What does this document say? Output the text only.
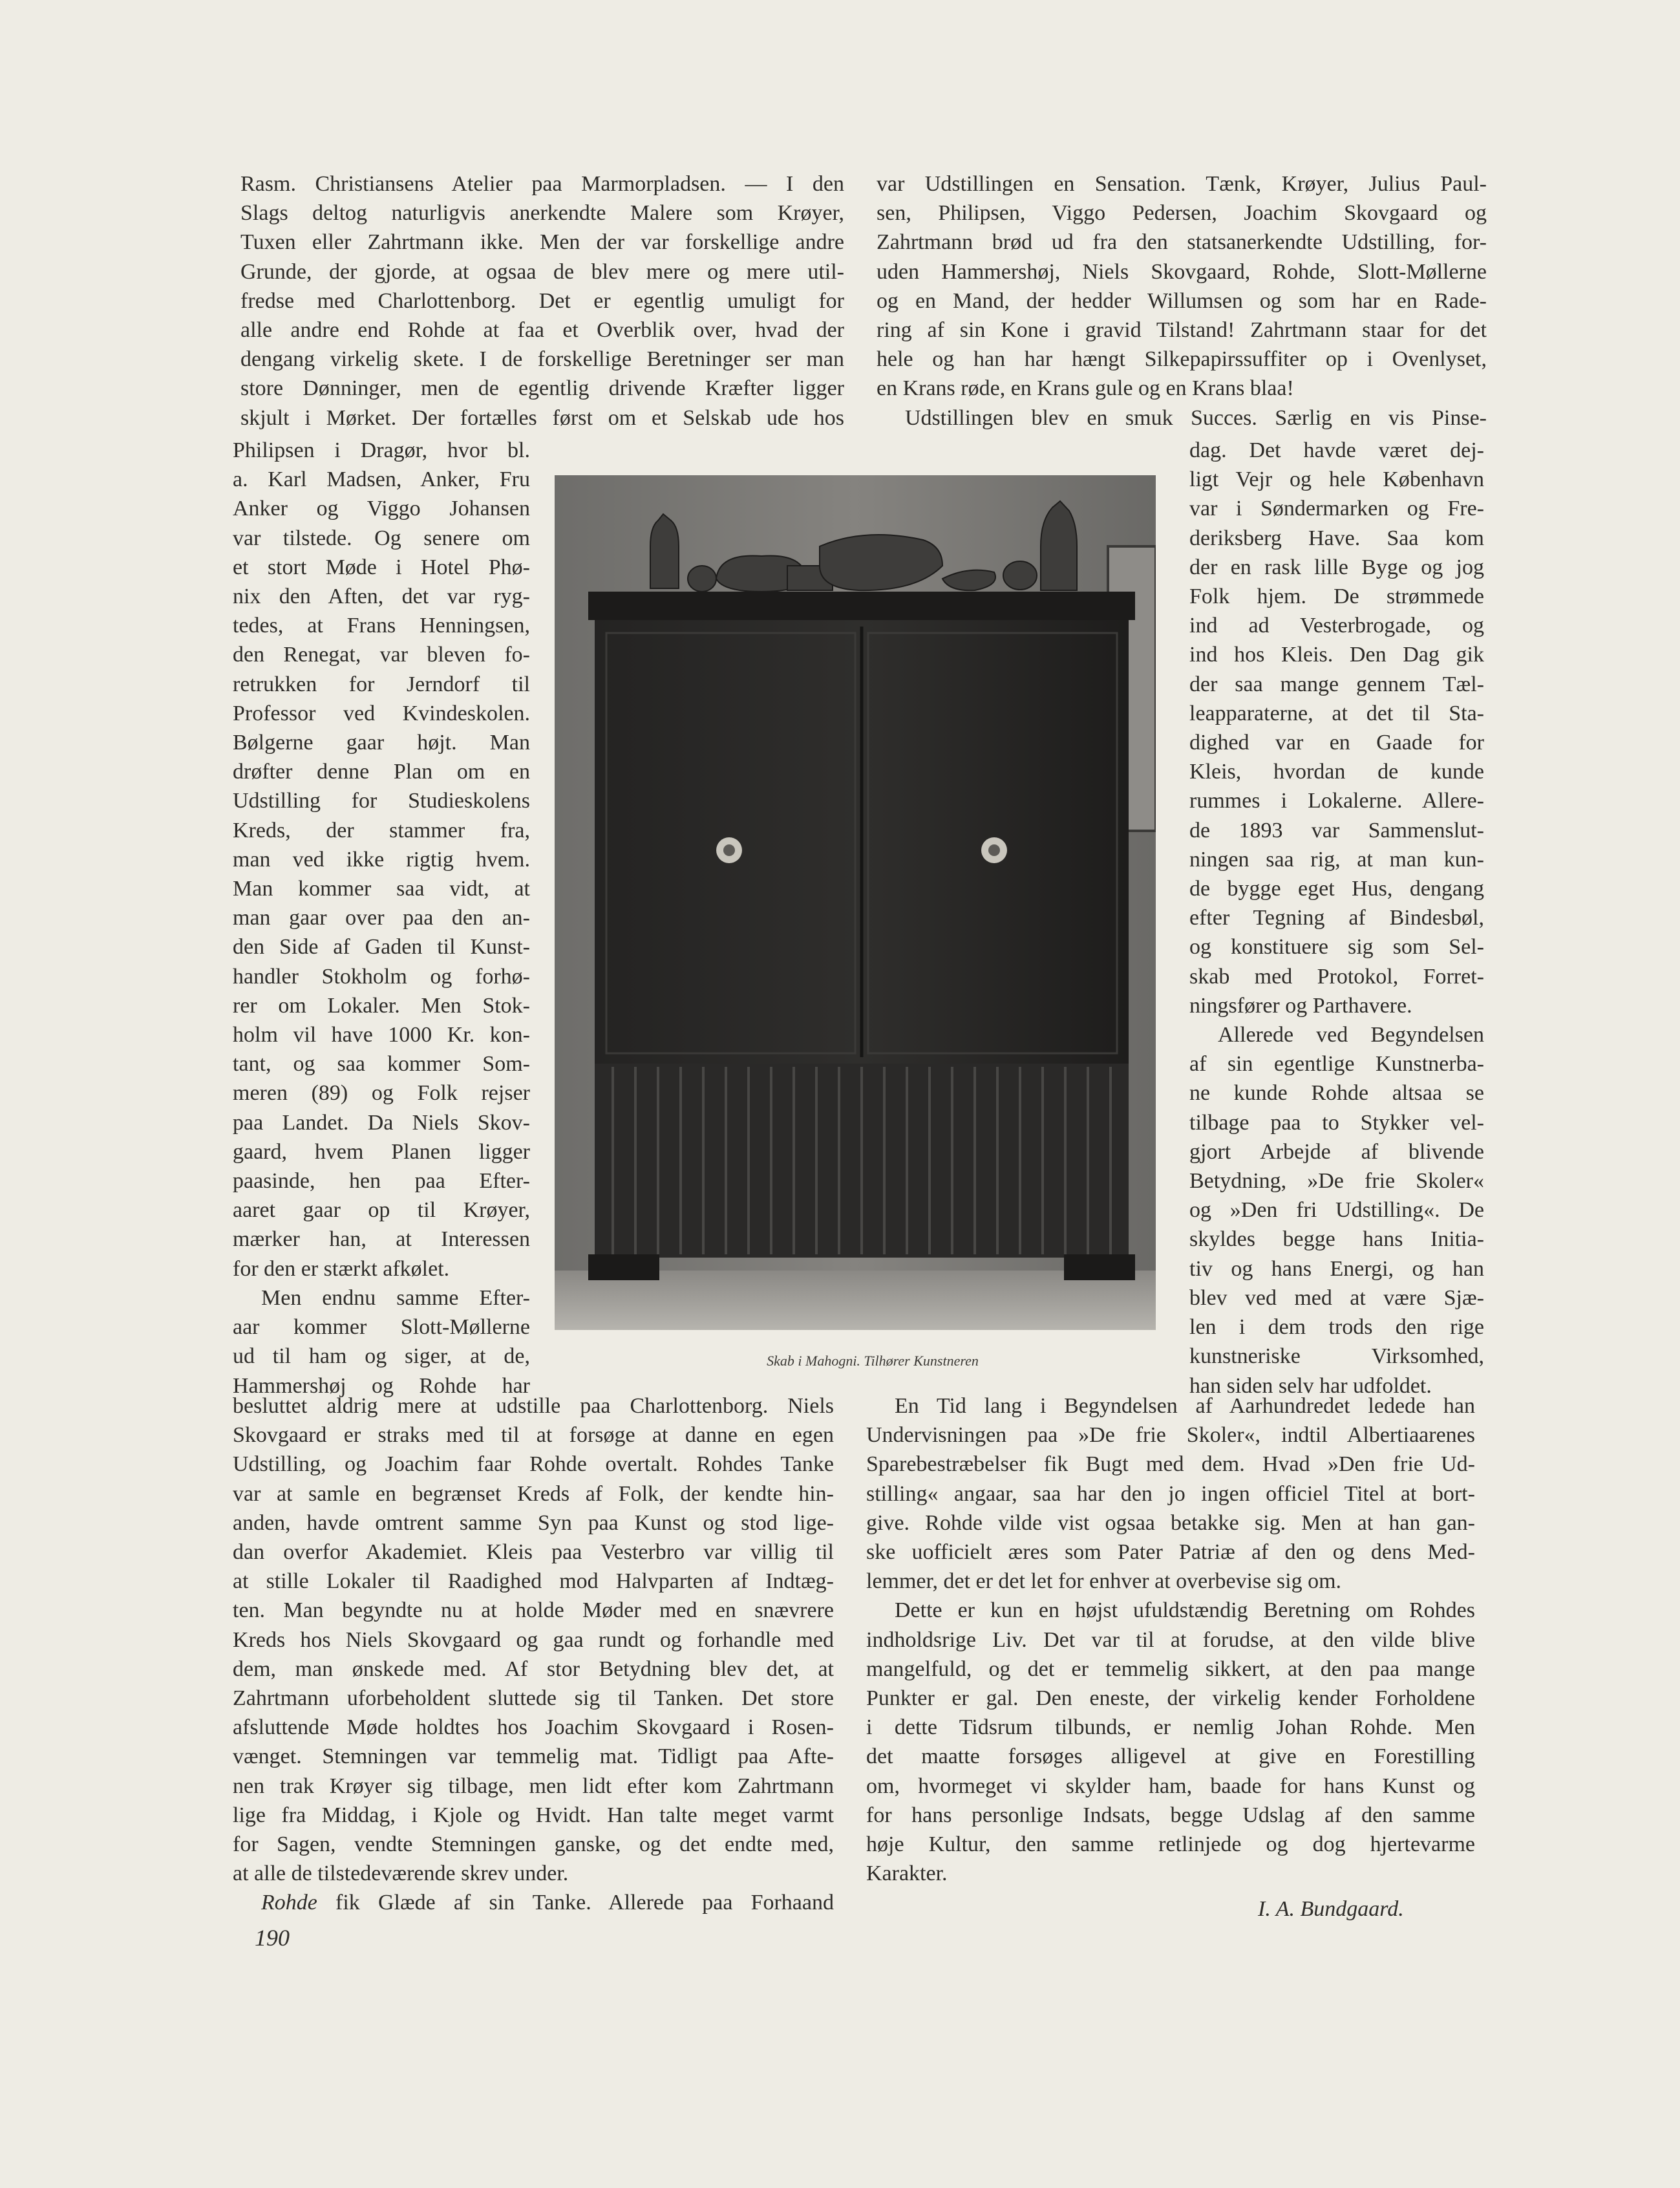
Rasm. Christiansens Atelier paa Marmorpladsen. — I den
Slags deltog naturligvis anerkendte Malere som Krøyer,
Tuxen eller Zahrtmann ikke. Men der var forskellige andre
Grunde, der gjorde, at ogsaa de blev mere og mere util-
fredse med Charlottenborg. Det er egentlig umuligt for
alle andre end Rohde at faa et Overblik over, hvad der
dengang virkelig skete. I de forskellige Beretninger ser man
store Dønninger, men de egentlig drivende Kræfter ligger
skjult i Mørket. Der fortælles først om et Selskab ude hos
Philipsen i Dragør, hvor bl.
a. Karl Madsen, Anker, Fru
Anker og Viggo Johansen
var tilstede. Og senere om
et stort Møde i Hotel Phø-
nix den Aften, det var ryg-
tedes, at Frans Henningsen,
den Renegat, var bleven fo-
retrukken for Jerndorf til
Professor ved Kvindeskolen.
Bølgerne gaar højt. Man
drøfter denne Plan om en
Udstilling for Studieskolens
Kreds, der stammer fra,
man ved ikke rigtig hvem.
Man kommer saa vidt, at
man gaar over paa den an-
den Side af Gaden til Kunst-
handler Stokholm og forhø-
rer om Lokaler. Men Stok-
holm vil have 1000 Kr. kon-
tant, og saa kommer Som-
meren (89) og Folk rejser
paa Landet. Da Niels Skov-
gaard, hvem Planen ligger
paasinde, hen paa Efter-
aaret gaar op til Krøyer,
mærker han, at Interessen
for den er stærkt afkølet.
Men endnu samme Efter-
aar kommer Slott-Møllerne
ud til ham og siger, at de,
Hammershøj og Rohde har
besluttet aldrig mere at udstille paa Charlottenborg. Niels
Skovgaard er straks med til at forsøge at danne en egen
Udstilling, og Joachim faar Rohde overtalt. Rohdes Tanke
var at samle en begrænset Kreds af Folk, der kendte hin-
anden, havde omtrent samme Syn paa Kunst og stod lige-
dan overfor Akademiet. Kleis paa Vesterbro var villig til
at stille Lokaler til Raadighed mod Halvparten af Indtæg-
ten. Man begyndte nu at holde Møder med en snævrere
Kreds hos Niels Skovgaard og gaa rundt og forhandle med
dem, man ønskede med. Af stor Betydning blev det, at
Zahrtmann uforbeholdent sluttede sig til Tanken. Det store
afsluttende Møde holdtes hos Joachim Skovgaard i Rosen-
vænget. Stemningen var temmelig mat. Tidligt paa Afte-
nen trak Krøyer sig tilbage, men lidt efter kom Zahrtmann
lige fra Middag, i Kjole og Hvidt. Han talte meget varmt
for Sagen, vendte Stemningen ganske, og det endte med,
at alle de tilstedeværende skrev under.
Rohde fik Glæde af sin Tanke. Allerede paa Forhaand
var Udstillingen en Sensation. Tænk, Krøyer, Julius Paul-
sen, Philipsen, Viggo Pedersen, Joachim Skovgaard og
Zahrtmann brød ud fra den statsanerkendte Udstilling, for-
uden Hammershøj, Niels Skovgaard, Rohde, Slott-Møllerne
og en Mand, der hedder Willumsen og som har en Rade-
ring af sin Kone i gravid Tilstand! Zahrtmann staar for det
hele og han har hængt Silkepapirssuffiter op i Ovenlyset,
en Krans røde, en Krans gule og en Krans blaa!
Udstillingen blev en smuk Succes. Særlig en vis Pinse-
dag. Det havde været dej-
ligt Vejr og hele København
var i Søndermarken og Fre-
deriksberg Have. Saa kom
der en rask lille Byge og jog
Folk hjem. De strømmede
ind ad Vesterbrogade, og
ind hos Kleis. Den Dag gik
der saa mange gennem Tæl-
leapparaterne, at det til Sta-
dighed var en Gaade for
Kleis, hvordan de kunde
rummes i Lokalerne. Allere-
de 1893 var Sammenslut-
ningen saa rig, at man kun-
de bygge eget Hus, dengang
efter Tegning af Bindesbøl,
og konstituere sig som Sel-
skab med Protokol, Forret-
ningsfører og Parthavere.
Allerede ved Begyndelsen
af sin egentlige Kunstnerba-
ne kunde Rohde altsaa se
tilbage paa to Stykker vel-
gjort Arbejde af blivende
Betydning, »De frie Skoler«
og »Den fri Udstilling«. De
skyldes begge hans Initia-
tiv og hans Energi, og han
blev ved med at være Sjæ-
len i dem trods den rige
kunstneriske Virksomhed,
han siden selv har udfoldet.
En Tid lang i Begyndelsen af Aarhundredet ledede han
Undervisningen paa »De frie Skoler«, indtil Albertiaarenes
Sparebestræbelser fik Bugt med dem. Hvad »Den frie Ud-
stilling« angaar, saa har den jo ingen officiel Titel at bort-
give. Rohde vilde vist ogsaa betakke sig. Men at han gan-
ske uofficielt æres som Pater Patriæ af den og dens Med-
lemmer, det er det let for enhver at overbevise sig om.
Dette er kun en højst ufuldstændig Beretning om Rohdes
indholdsrige Liv. Det var til at forudse, at den vilde blive
mangelfuld, og det er temmelig sikkert, at den paa mange
Punkter er gal. Den eneste, der virkelig kender Forholdene
i dette Tidsrum tilbunds, er nemlig Johan Rohde. Men
det maatte forsøges alligevel at give en Forestilling
om, hvormeget vi skylder ham, baade for hans Kunst og
for hans personlige Indsats, begge Udslag af den samme
høje Kultur, den samme retlinjede og dog hjertevarme
Karakter.
Skab i Mahogni. Tilhører Kunstneren
I. A. Bundgaard.
190
